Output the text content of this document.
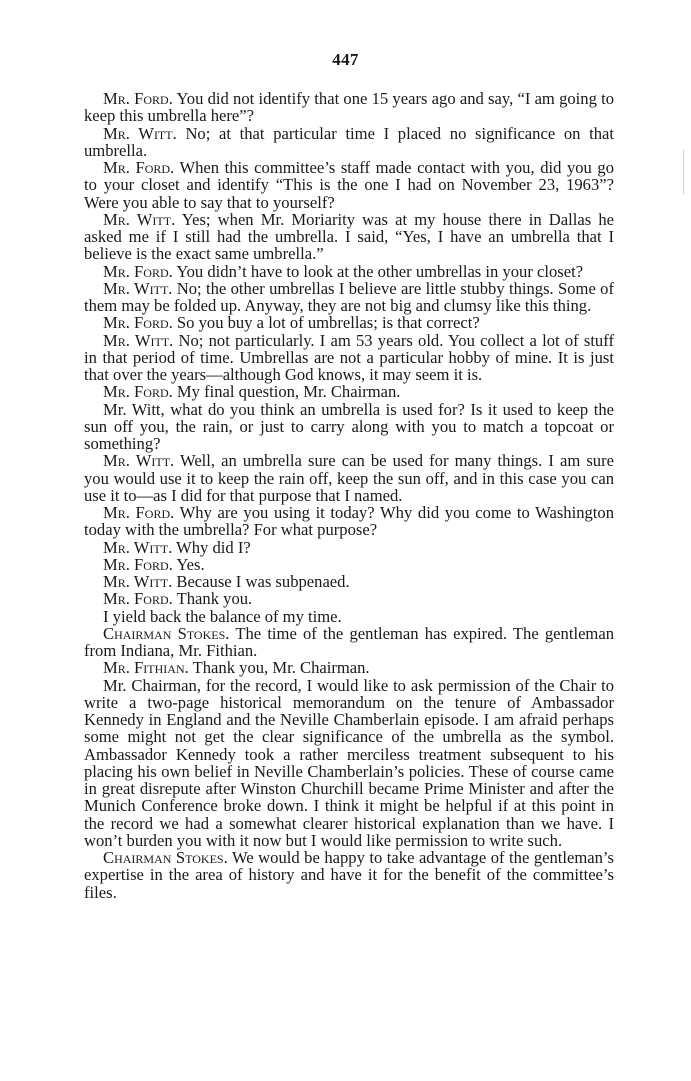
447

Mr. Ford. You did not identify that one 15 years ago and say, “I am going to keep this umbrella here”?

Mr. Witt. No; at that particular time I placed no significance on that umbrella.

Mr. Ford. When this committee’s staff made contact with you, did you go to your closet and identify “This is the one I had on November 23, 1963”? Were you able to say that to yourself?

Mr. Witt. Yes; when Mr. Moriarity was at my house there in Dallas he asked me if I still had the umbrella. I said, “Yes, I have an umbrella that I believe is the exact same umbrella.”

Mr. Ford. You didn’t have to look at the other umbrellas in your closet?

Mr. Witt. No; the other umbrellas I believe are little stubby things. Some of them may be folded up. Anyway, they are not big and clumsy like this thing.

Mr. Ford. So you buy a lot of umbrellas; is that correct?

Mr. Witt. No; not particularly. I am 53 years old. You collect a lot of stuff in that period of time. Umbrellas are not a particular hobby of mine. It is just that over the years—although God knows, it may seem it is.

Mr. Ford. My final question, Mr. Chairman.

Mr. Witt, what do you think an umbrella is used for? Is it used to keep the sun off you, the rain, or just to carry along with you to match a topcoat or something?

Mr. Witt. Well, an umbrella sure can be used for many things. I am sure you would use it to keep the rain off, keep the sun off, and in this case you can use it to—as I did for that purpose that I named.

Mr. Ford. Why are you using it today? Why did you come to Washington today with the umbrella? For what purpose?

Mr. Witt. Why did I?

Mr. Ford. Yes.

Mr. Witt. Because I was subpenaed.

Mr. Ford. Thank you.

I yield back the balance of my time.

Chairman Stokes. The time of the gentleman has expired. The gentleman from Indiana, Mr. Fithian.

Mr. Fithian. Thank you, Mr. Chairman.

Mr. Chairman, for the record, I would like to ask permission of the Chair to write a two-page historical memorandum on the tenure of Ambassador Kennedy in England and the Neville Chamberlain episode. I am afraid perhaps some might not get the clear significance of the umbrella as the symbol. Ambassador Kennedy took a rather merciless treatment subsequent to his placing his own belief in Neville Chamberlain’s policies. These of course came in great disrepute after Winston Churchill became Prime Minister and after the Munich Conference broke down. I think it might be helpful if at this point in the record we had a somewhat clearer historical explanation than we have. I won’t burden you with it now but I would like permission to write such.

Chairman Stokes. We would be happy to take advantage of the gentleman’s expertise in the area of history and have it for the benefit of the committee’s files.
